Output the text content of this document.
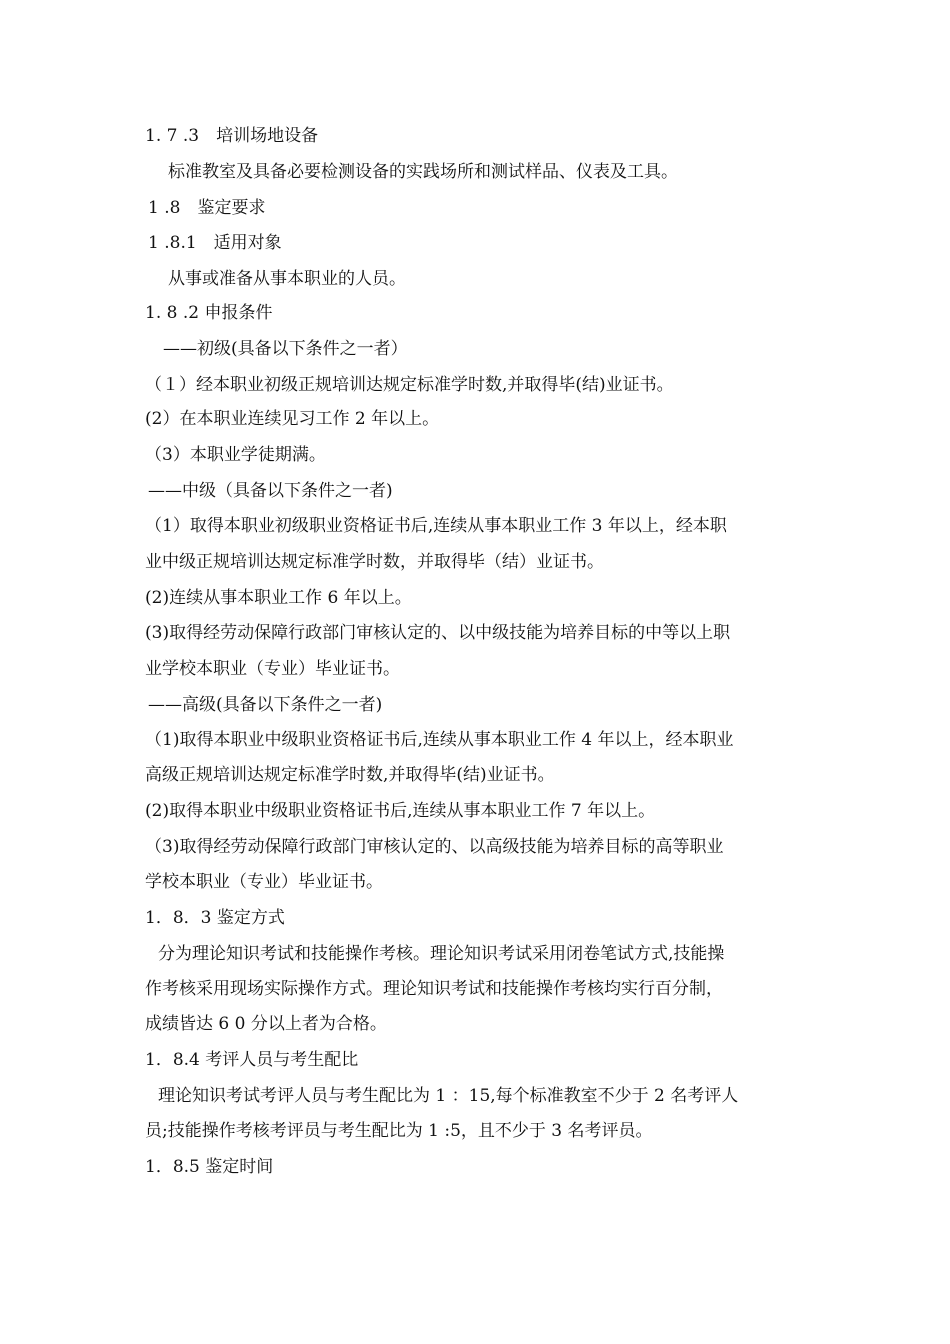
1. 7 .3　培训场地设备
标准教室及具备必要检测设备的实践场所和测试样品、仪表及工具。
1 .8　鉴定要求
1 .8.1　适用对象
从事或准备从事本职业的人员。
1. 8 .2 申报条件
——初级(具备以下条件之一者）
（１）经本职业初级正规培训达规定标准学时数,并取得毕(结)业证书。
(2）在本职业连续见习工作 2 年以上。
（3）本职业学徒期满。
——中级（具备以下条件之一者)
（1）取得本职业初级职业资格证书后,连续从事本职业工作 3 年以上，经本职
业中级正规培训达规定标准学时数，并取得毕（结）业证书。
(2)连续从事本职业工作 6 年以上。
(3)取得经劳动保障行政部门审核认定的、以中级技能为培养目标的中等以上职
业学校本职业（专业）毕业证书。
——高级(具备以下条件之一者)
（1)取得本职业中级职业资格证书后,连续从事本职业工作 4 年以上，经本职业
高级正规培训达规定标准学时数,并取得毕(结)业证书。
(2)取得本职业中级职业资格证书后,连续从事本职业工作 7 年以上。
（3)取得经劳动保障行政部门审核认定的、以高级技能为培养目标的高等职业
学校本职业（专业）毕业证书。
1．8．3 鉴定方式
分为理论知识考试和技能操作考核。理论知识考试采用闭卷笔试方式,技能操
作考核采用现场实际操作方式。理论知识考试和技能操作考核均实行百分制，
成绩皆达 6 0 分以上者为合格。
1．8.4 考评人员与考生配比
理论知识考试考评人员与考生配比为 1 ：15,每个标准教室不少于 2 名考评人
员;技能操作考核考评员与考生配比为 1 :5，且不少于 3 名考评员。
1．8.5 鉴定时间
